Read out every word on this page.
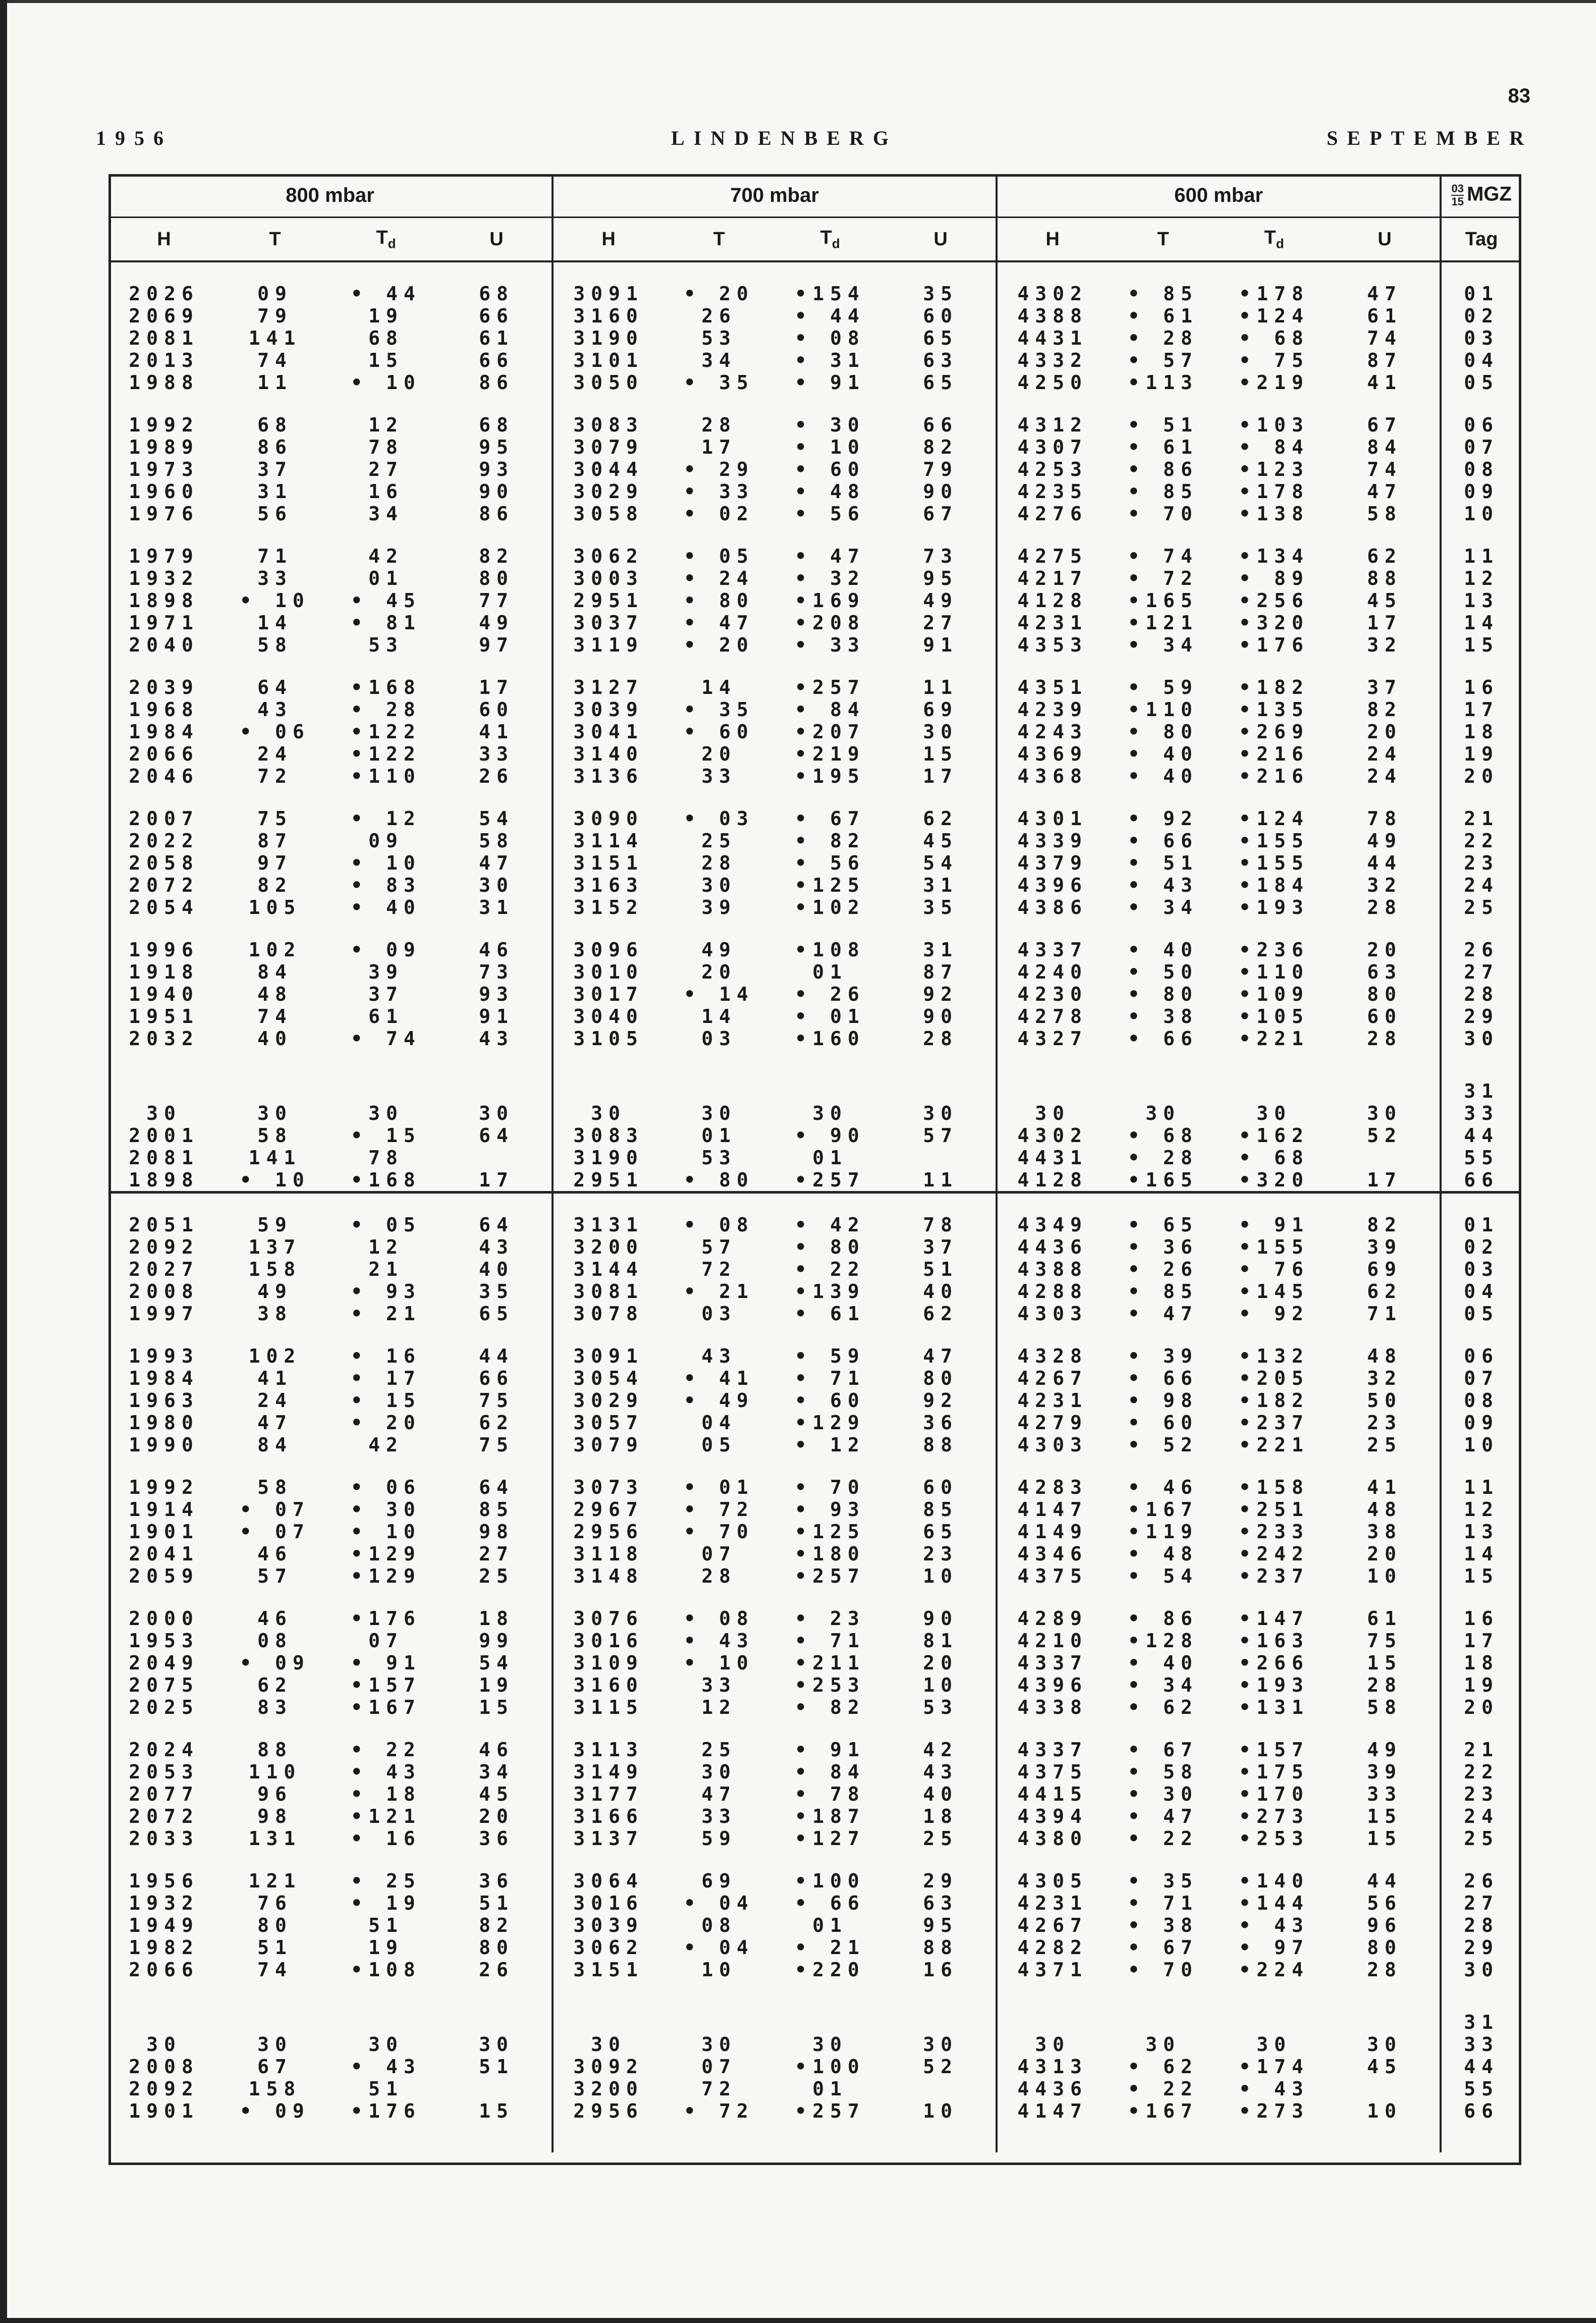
83
1956	LINDENBERG	SEPTEMBER
800 mbar				700 mbar				600 mbar				$\frac{03}{15}$ MGZ
H	T	$T_d$	U	H	T	$T_d$	U	H	T	$T_d$	U	Tag

2026	09	• 44	68	3091	• 20	•154	35	4302	• 85	•178	47	01
2069	79	19	66	3160	26	• 44	60	4388	• 61	•124	61	02
2081	141	68	61	3190	53	• 08	65	4431	• 28	• 68	74	03
2013	74	15	66	3101	34	• 31	63	4332	• 57	• 75	87	04
1988	11	• 10	86	3050	• 35	• 91	65	4250	•113	•219	41	05

1992	68	12	68	3083	28	• 30	66	4312	• 51	•103	67	06
1989	86	78	95	3079	17	• 10	82	4307	• 61	• 84	84	07
1973	37	27	93	3044	• 29	• 60	79	4253	• 86	•123	74	08
1960	31	16	90	3029	• 33	• 48	90	4235	• 85	•178	47	09
1976	56	34	86	3058	• 02	• 56	67	4276	• 70	•138	58	10

1979	71	42	82	3062	• 05	• 47	73	4275	• 74	•134	62	11
1932	33	01	80	3003	• 24	• 32	95	4217	• 72	• 89	88	12
1898	• 10	• 45	77	2951	• 80	•169	49	4128	•165	•256	45	13
1971	14	• 81	49	3037	• 47	•208	27	4231	•121	•320	17	14
2040	58	53	97	3119	• 20	• 33	91	4353	• 34	•176	32	15

2039	64	•168	17	3127	14	•257	11	4351	• 59	•182	37	16
1968	43	• 28	60	3039	• 35	• 84	69	4239	•110	•135	82	17
1984	• 06	•122	41	3041	• 60	•207	30	4243	• 80	•269	20	18
2066	24	•122	33	3140	20	•219	15	4369	• 40	•216	24	19
2046	72	•110	26	3136	33	•195	17	4368	• 40	•216	24	20

2007	75	• 12	54	3090	• 03	• 67	62	4301	• 92	•124	78	21
2022	87	09	58	3114	25	• 82	45	4339	• 66	•155	49	22
2058	97	• 10	47	3151	28	• 56	54	4379	• 51	•155	44	23
2072	82	• 83	30	3163	30	•125	31	4396	• 43	•184	32	24
2054	105	• 40	31	3152	39	•102	35	4386	• 34	•193	28	25

1996	102	• 09	46	3096	49	•108	31	4337	• 40	•236	20	26
1918	84	39	73	3010	20	01	87	4240	• 50	•110	63	27
1940	48	37	93	3017	• 14	• 26	92	4230	• 80	•109	80	28
1951	74	61	91	3040	14	• 01	90	4278	• 38	•105	60	29
2032	40	• 74	43	3105	03	•160	28	4327	• 66	•221	28	30

												31
30	30	30	30	30	30	30	30	30	30	30	30	33
2001	58	• 15	64	3083	01	• 90	57	4302	• 68	•162	52	44
2081	141	78		3190	53	01		4431	• 28	• 68		55
1898	• 10	•168	17	2951	• 80	•257	11	4128	•165	•320	17	66

2051	59	• 05	64	3131	• 08	• 42	78	4349	• 65	• 91	82	01
2092	137	12	43	3200	57	• 80	37	4436	• 36	•155	39	02
2027	158	21	40	3144	72	• 22	51	4388	• 26	• 76	69	03
2008	49	• 93	35	3081	• 21	•139	40	4288	• 85	•145	62	04
1997	38	• 21	65	3078	03	• 61	62	4303	• 47	• 92	71	05

1993	102	• 16	44	3091	43	• 59	47	4328	• 39	•132	48	06
1984	41	• 17	66	3054	• 41	• 71	80	4267	• 66	•205	32	07
1963	24	• 15	75	3029	• 49	• 60	92	4231	• 98	•182	50	08
1980	47	• 20	62	3057	04	•129	36	4279	• 60	•237	23	09
1990	84	42	75	3079	05	• 12	88	4303	• 52	•221	25	10

1992	58	• 06	64	3073	• 01	• 70	60	4283	• 46	•158	41	11
1914	• 07	• 30	85	2967	• 72	• 93	85	4147	•167	•251	48	12
1901	• 07	• 10	98	2956	• 70	•125	65	4149	•119	•233	38	13
2041	46	•129	27	3118	07	•180	23	4346	• 48	•242	20	14
2059	57	•129	25	3148	28	•257	10	4375	• 54	•237	10	15

2000	46	•176	18	3076	• 08	• 23	90	4289	• 86	•147	61	16
1953	08	07	99	3016	• 43	• 71	81	4210	•128	•163	75	17
2049	• 09	• 91	54	3109	• 10	•211	20	4337	• 40	•266	15	18
2075	62	•157	19	3160	33	•253	10	4396	• 34	•193	28	19
2025	83	•167	15	3115	12	• 82	53	4338	• 62	•131	58	20

2024	88	• 22	46	3113	25	• 91	42	4337	• 67	•157	49	21
2053	110	• 43	34	3149	30	• 84	43	4375	• 58	•175	39	22
2077	96	• 18	45	3177	47	• 78	40	4415	• 30	•170	33	23
2072	98	•121	20	3166	33	•187	18	4394	• 47	•273	15	24
2033	131	• 16	36	3137	59	•127	25	4380	• 22	•253	15	25

1956	121	• 25	36	3064	69	•100	29	4305	• 35	•140	44	26
1932	76	• 19	51	3016	• 04	• 66	63	4231	• 71	•144	56	27
1949	80	51	82	3039	08	01	95	4267	• 38	• 43	96	28
1982	51	19	80	3062	• 04	• 21	88	4282	• 67	• 97	80	29
2066	74	•108	26	3151	10	•220	16	4371	• 70	•224	28	30

												31
30	30	30	30	30	30	30	30	30	30	30	30	33
2008	67	• 43	51	3092	07	•100	52	4313	• 62	•174	45	44
2092	158	51		3200	72	01		4436	• 22	• 43		55
1901	• 09	•176	15	2956	• 72	•257	10	4147	•167	•273	10	66
